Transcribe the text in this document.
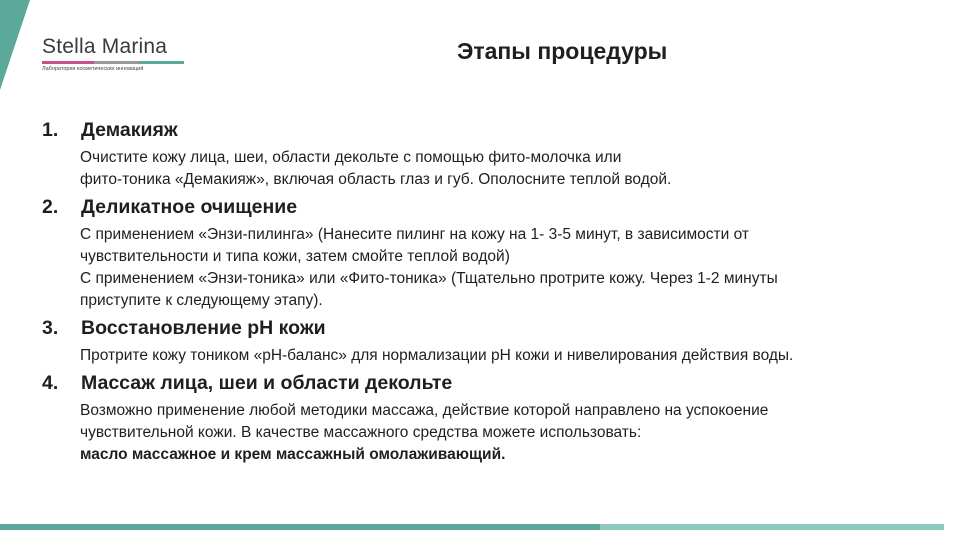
Stella Marina
Лаборатория косметических инноваций
Этапы процедуры
1.	Демакияж

Очистите кожу лица, шеи, области декольте с помощью фито-молочка или

фито-тоника «Демакияж», включая область глаз и губ. Ополосните теплой водой.

2.	Деликатное очищение

С применением «Энзи-пилинга» (Нанесите пилинг на кожу на 1- 3-5 минут, в зависимости от

чувствительности и типа кожи, затем смойте теплой водой)

С применением «Энзи-тоника» или «Фито-тоника» (Тщательно протрите кожу. Через 1-2 минуты

приступите к следующему этапу).

3.	Восстановление рН кожи

Протрите кожу тоником «рН-баланс» для нормализации рН кожи и нивелирования действия воды.

4.	Массаж лица, шеи и области декольте

Возможно применение любой методики массажа, действие которой направлено на успокоение

чувствительной кожи. В качестве массажного средства можете использовать:

масло массажное и крем массажный омолаживающий.
